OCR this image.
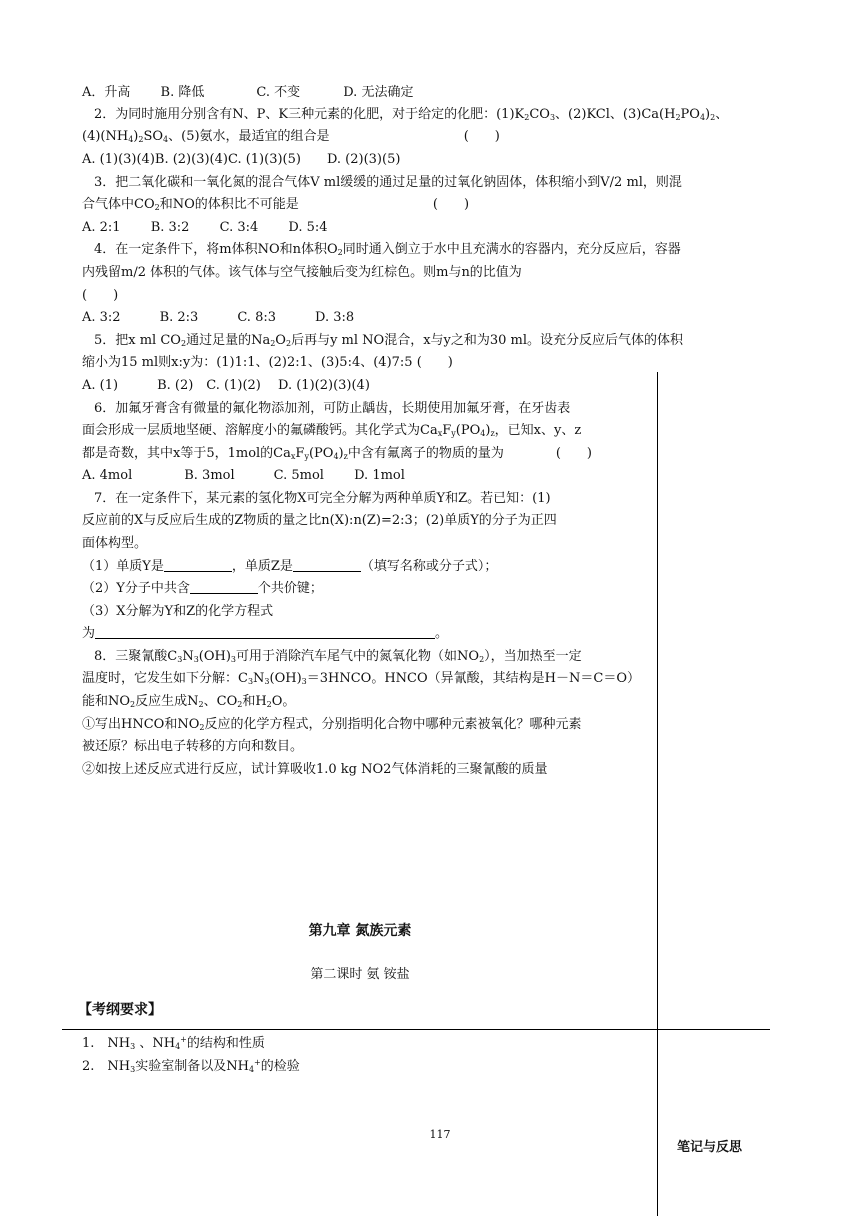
A．升高　　 B. 降低　　　　C. 不变　　　 D. 无法确定
2．为同时施用分别含有N、P、K三种元素的化肥，对于给定的化肥：$(1)K_2CO_3$、(2)KCl、$(3)Ca(H_2PO_4)_2$、
$(4)(NH_4)_2SO_4$、(5)氨水，最适宜的组合是　　　　　　　　　　 (　　)
A. (1)(3)(4)B. (2)(3)(4)C. (1)(3)(5)　　D. (2)(3)(5)
3．把二氧化碳和一氧化氮的混合气体V ml缓缓的通过足量的过氧化钠固体，体积缩小到V/2 ml，则混
合气体中$CO_2$和NO的体积比不可能是　　　　　　　　　　 (　　)
A. 2:1　　 B. 3:2　　 C. 3:4　　 D. 5:4
4．在一定条件下，将m体积NO和n体积$O_2$同时通入倒立于水中且充满水的容器内，充分反应后，容器
内残留m/2 体积的气体。该气体与空气接触后变为红棕色。则m与n的比值为
(　　)
A. 3:2　　　B. 2:3　　　C. 8:3　　　D. 3:8
5．把x ml $CO_2$通过足量的$Na_2O_2$后再与y ml NO混合，x与y之和为30 ml。设充分反应后气体的体积
缩小为15 ml则x:y为：(1)1:1、(2)2:1、(3)5:4、(4)7:5 (　　)
A. (1)　　　B. (2)　C. (1)(2)　 D. (1)(2)(3)(4)
6．加氟牙膏含有微量的氟化物添加剂，可防止龋齿，长期使用加氟牙膏，在牙齿表
面会形成一层质地坚硬、溶解度小的氟磷酸钙。其化学式为$Ca_xF_y(PO_4)_z$，已知x、y、z
都是奇数，其中x等于5，1mol的$Ca_xF_y(PO_4)_z$中含有氟离子的物质的量为　　　　(　　)
A. 4mol　　　　B. 3mol　　　C. 5mol　　 D. 1mol
7．在一定条件下，某元素的氢化物X可完全分解为两种单质Y和Z。若已知：(1)
反应前的X与反应后生成的Z物质的量之比n(X):n(Z)=2:3；(2)单质Y的分子为正四
面体构型。
（1）单质Y是	，单质Z是	（填写名称或分子式）；
（2）Y分子中共含	个共价键；
（3）X分解为Y和Z的化学方程式
为	。
8．三聚氰酸$C_3N_3(OH)_3$可用于消除汽车尾气中的氮氧化物（如$NO_2$），当加热至一定
温度时，它发生如下分解：$C_3N_3(OH)_3=3HNCO$。HNCO（异氰酸，其结构是H－N＝C＝O）
能和$NO_2$反应生成$N_2$、$CO_2$和$H_2O$。
①写出HNCO和$NO_2$反应的化学方程式，分别指明化合物中哪种元素被氧化？哪种元素
被还原？标出电子转移的方向和数目。
②如按上述反应式进行反应，试计算吸收1.0 kg NO2气体消耗的三聚氰酸的质量
第九章 氮族元素
第二课时 氨 铵盐
【考纲要求】
1.　$NH_3$ 、$NH_4^+$的结构和性质
2.　$NH_3$实验室制备以及$NH_4^+$的检验
117
笔记与反思
